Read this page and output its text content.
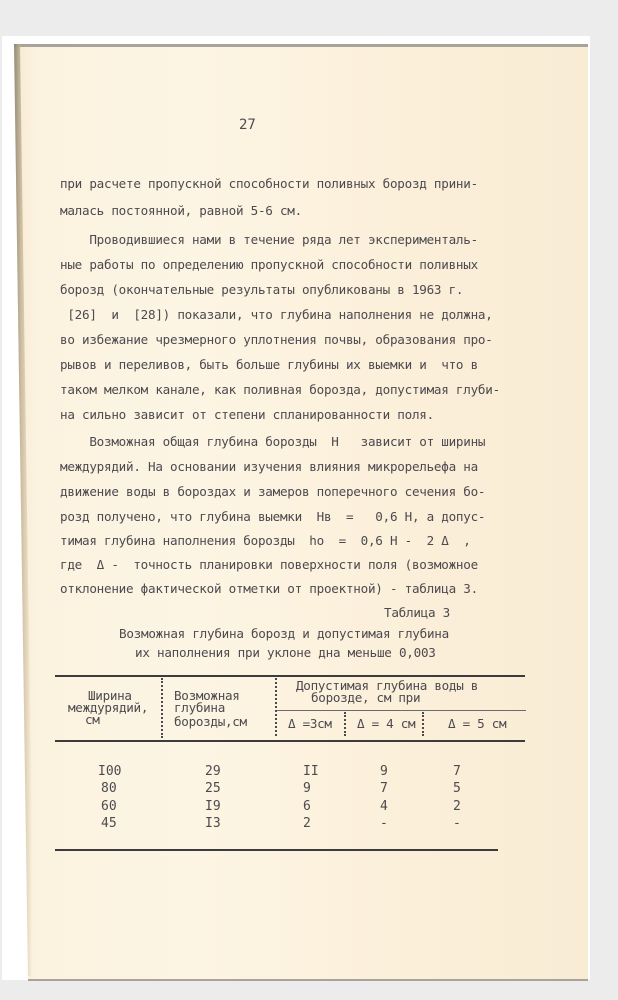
27
при расчете пропускной способности поливных борозд прини-
малась постоянной, равной 5-6 см.
Проводившиеся нами в течение ряда лет эксперименталь-
ные работы по определению пропускной способности поливных
борозд (окончательные результаты опубликованы в 1963 г.
[26]  и  [28]) показали, что глубина наполнения не должна,
во избежание чрезмерного уплотнения почвы, образования про-
рывов и переливов, быть больше глубины их выемки и  что в
таком мелком канале, как поливная борозда, допустимая глуби-
на сильно зависит от степени спланированности поля.
Возможная общая глубина борозды  H   зависит от ширины
междурядий. На основании изучения влияния микрорельефа на
движение воды в бороздах и замеров поперечного сечения бо-
розд получено, что глубина выемки  Hв  =   0,6 H, а допус-
тимая глубина наполнения борозды  hо  =  0,6 H -  2 Δ  ,
где  Δ -  точность планировки поверхности поля (возможное
отклонение фактической отметки от проектной) - таблица 3.
Таблица 3
Возможная глубина борозд и допустимая глубина
их наполнения при уклоне дна меньше 0,003
Ширина
междурядий,
см
Возможная
глубина
борозды,см
Допустимая глубина воды в
борозде, см при
Δ =3см Δ = 4 см	Δ = 5 см
I00	29	II	9	7
80	25	9	7	5
60	I9	6	4	2
45	I3	2	-	-
